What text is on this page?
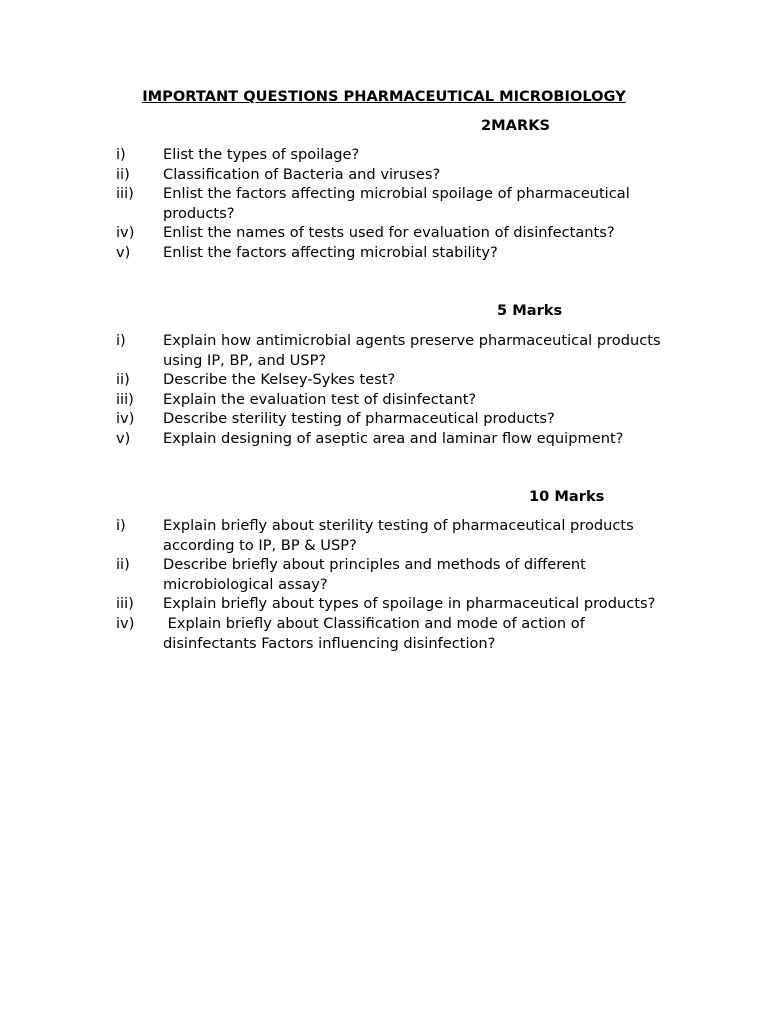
IMPORTANT QUESTIONS PHARMACEUTICAL MICROBIOLOGY
2MARKS
i)	Elist the types of spoilage?
ii)	Classification of Bacteria and viruses?
iii)	Enlist the factors affecting microbial spoilage of pharmaceutical products?
iv)	Enlist the names of tests used for evaluation of disinfectants?
v)	Enlist the factors affecting microbial stability?
5 Marks
i)	Explain how antimicrobial agents preserve pharmaceutical products using IP, BP, and USP?
ii)	Describe the Kelsey-Sykes test?
iii)	Explain the evaluation test of disinfectant?
iv)	Describe sterility testing of pharmaceutical products?
v)	Explain designing of aseptic area and laminar flow equipment?
10 Marks
i)	Explain briefly about sterility testing of pharmaceutical products according to IP, BP & USP?
ii)	Describe briefly about principles and methods of different microbiological assay?
iii)	Explain briefly about types of spoilage in pharmaceutical products?
iv)	Explain briefly about Classification and mode of action of disinfectants Factors influencing disinfection?
